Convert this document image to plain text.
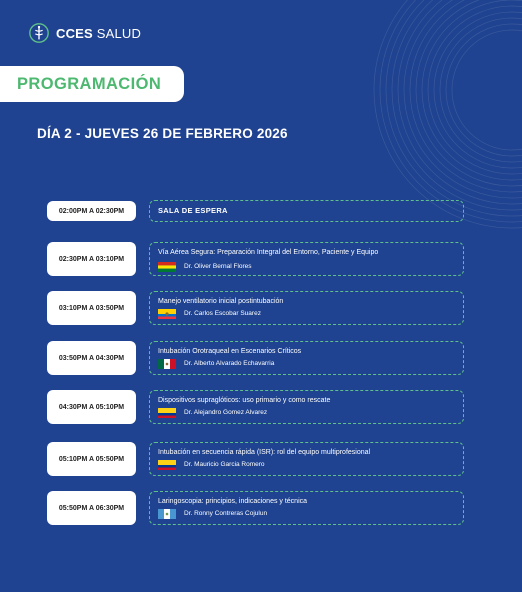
CCES SALUD
PROGRAMACIÓN
DÍA 2 - JUEVES 26 DE FEBRERO 2026
02:00PM A 02:30PM	SALA DE ESPERA
02:30PM A 03:10PM
Vía Aérea Segura: Preparación Integral del Entorno, Paciente y Equipo
Dr. Oliver Bernal Flores
03:10PM A 03:50PM
Manejo ventilatorio inicial postintubación
Dr. Carlos Escobar Suarez
03:50PM A 04:30PM
Intubación Orotraqueal en Escenarios Críticos
Dr. Alberto Alvarado Echavarria
04:30PM A 05:10PM
Dispositivos supraglóticos: uso primario y como rescate
Dr. Alejandro Gomez Alvarez
05:10PM A 05:50PM
Intubación en secuencia rápida (ISR): rol del equipo multiprofesional
Dr. Mauricio Garcia Romero
05:50PM A 06:30PM
Laringoscopia: principios, indicaciones y técnica
Dr. Ronny Contreras Cojulun
